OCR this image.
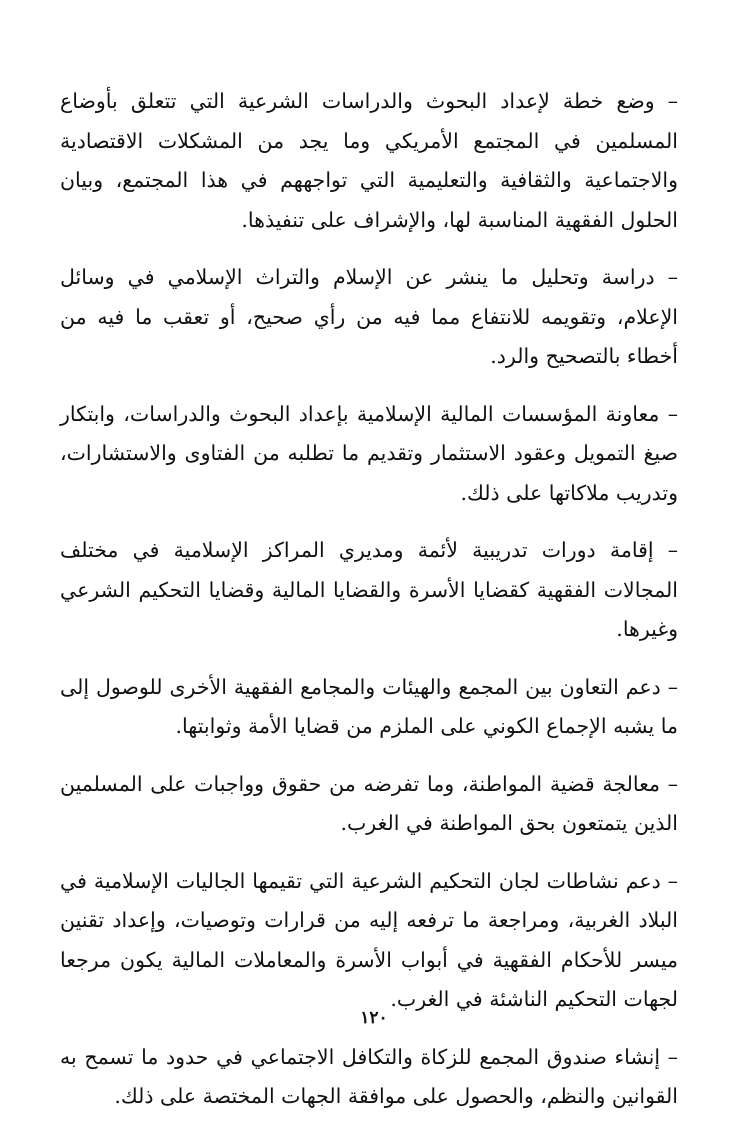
– وضع خطة لإعداد البحوث والدراسات الشرعية التي تتعلق بأوضاع المسلمين في المجتمع الأمريكي وما يجد من المشكلات الاقتصادية والاجتماعية والثقافية والتعليمية التي تواجههم في هذا المجتمع، وبيان الحلول الفقهية المناسبة لها، والإشراف على تنفيذها.

– دراسة وتحليل ما ينشر عن الإسلام والتراث الإسلامي في وسائل الإعلام، وتقويمه للانتفاع مما فيه من رأي صحيح، أو تعقب ما فيه من أخطاء بالتصحيح والرد.

– معاونة المؤسسات المالية الإسلامية بإعداد البحوث والدراسات، وابتكار صيغ التمويل وعقود الاستثمار وتقديم ما تطلبه من الفتاوى والاستشارات، وتدريب ملاكاتها على ذلك.

– إقامة دورات تدريبية لأئمة ومديري المراكز الإسلامية في مختلف المجالات الفقهية كقضايا الأسرة والقضايا المالية وقضايا التحكيم الشرعي وغيرها.

– دعم التعاون بين المجمع والهيئات والمجامع الفقهية الأخرى للوصول إلى ما يشبه الإجماع الكوني على الملزم من قضايا الأمة وثوابتها.

– معالجة قضية المواطنة، وما تفرضه من حقوق وواجبات على المسلمين الذين يتمتعون بحق المواطنة في الغرب.

– دعم نشاطات لجان التحكيم الشرعية التي تقيمها الجاليات الإسلامية في البلاد الغربية، ومراجعة ما ترفعه إليه من قرارات وتوصيات، وإعداد تقنين ميسر للأحكام الفقهية في أبواب الأسرة والمعاملات المالية يكون مرجعا لجهات التحكيم الناشئة في الغرب.

– إنشاء صندوق المجمع للزكاة والتكافل الاجتماعي في حدود ما تسمح به القوانين والنظم، والحصول على موافقة الجهات المختصة على ذلك.

١٢٠
